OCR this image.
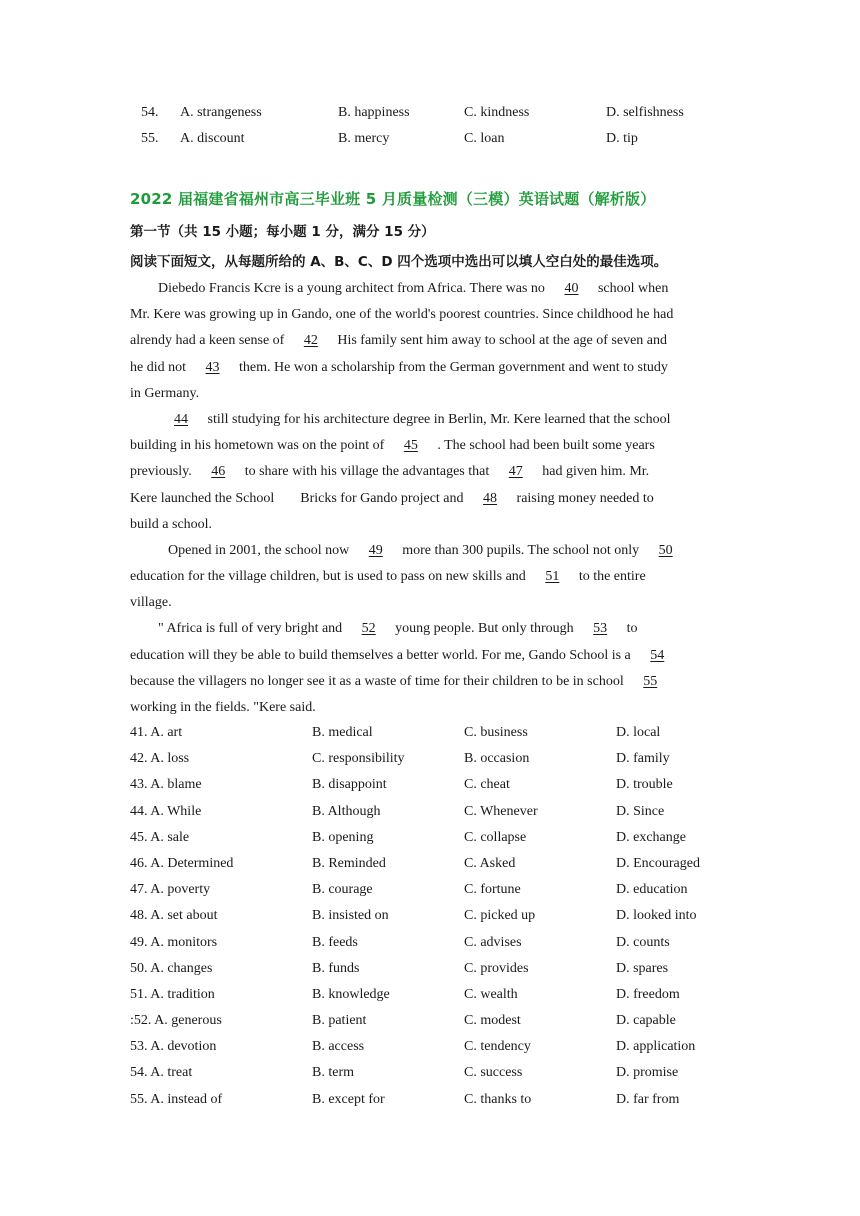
54. A. strangeness	B. happiness	C. kindness	D. selfishness
55. A. discount	B. mercy	C. loan	D. tip
2022 届福建省福州市高三毕业班 5 月质量检测（三模）英语试题（解析版）
第一节（共 15 小题；每小题 1 分，满分 15 分）
阅读下面短文，从每题所给的 A、B、C、D 四个选项中选出可以填人空白处的最佳选项。
Diebedo Francis Kcre is a young architect from Africa. There was no 40 school when
Mr. Kere was growing up in Gando, one of the world's poorest countries. Since childhood he had
alrendy had a keen sense of 42 His family sent him away to school at the age of seven and
he did not 43 them. He won a scholarship from the German government and went to study
in Germany.
44 still studying for his architecture degree in Berlin, Mr. Kere learned that the school
building in his hometown was on the point of 45 . The school had been built some years
previously. 46 to share with his village the advantages that 47 had given him. Mr.
Kere launched the School Bricks for Gando project and 48 raising money needed to
build a school.
Opened in 2001, the school now 49 more than 300 pupils. The school not only 50
education for the village children, but is used to pass on new skills and 51 to the entire
village.
" Africa is full of very bright and 52 young people. But only through 53 to
education will they be able to build themselves a better world. For me, Gando School is a 54
because the villagers no longer see it as a waste of time for their children to be in school 55
working in the fields. "Kere said.
41. A. art	B. medical	C. business	D. local
42. A. loss	C. responsibility	B. occasion	D. family
43. A. blame	B. disappoint	C. cheat	D. trouble
44. A. While	B. Although	C. Whenever	D. Since
45. A. sale	B. opening	C. collapse	D. exchange
46. A. Determined	B. Reminded	C. Asked	D. Encouraged
47. A. poverty	B. courage	C. fortune	D. education
48. A. set about	B. insisted on	C. picked up	D. looked into
49. A. monitors	B. feeds	C. advises	D. counts
50. A. changes	B. funds	C. provides	D. spares
51. A. tradition	B. knowledge	C. wealth	D. freedom
:52. A. generous	B. patient	C. modest	D. capable
53. A. devotion	B. access	C. tendency	D. application
54. A. treat	B. term	C. success	D. promise
55. A. instead of	B. except for	C. thanks to	D. far from
